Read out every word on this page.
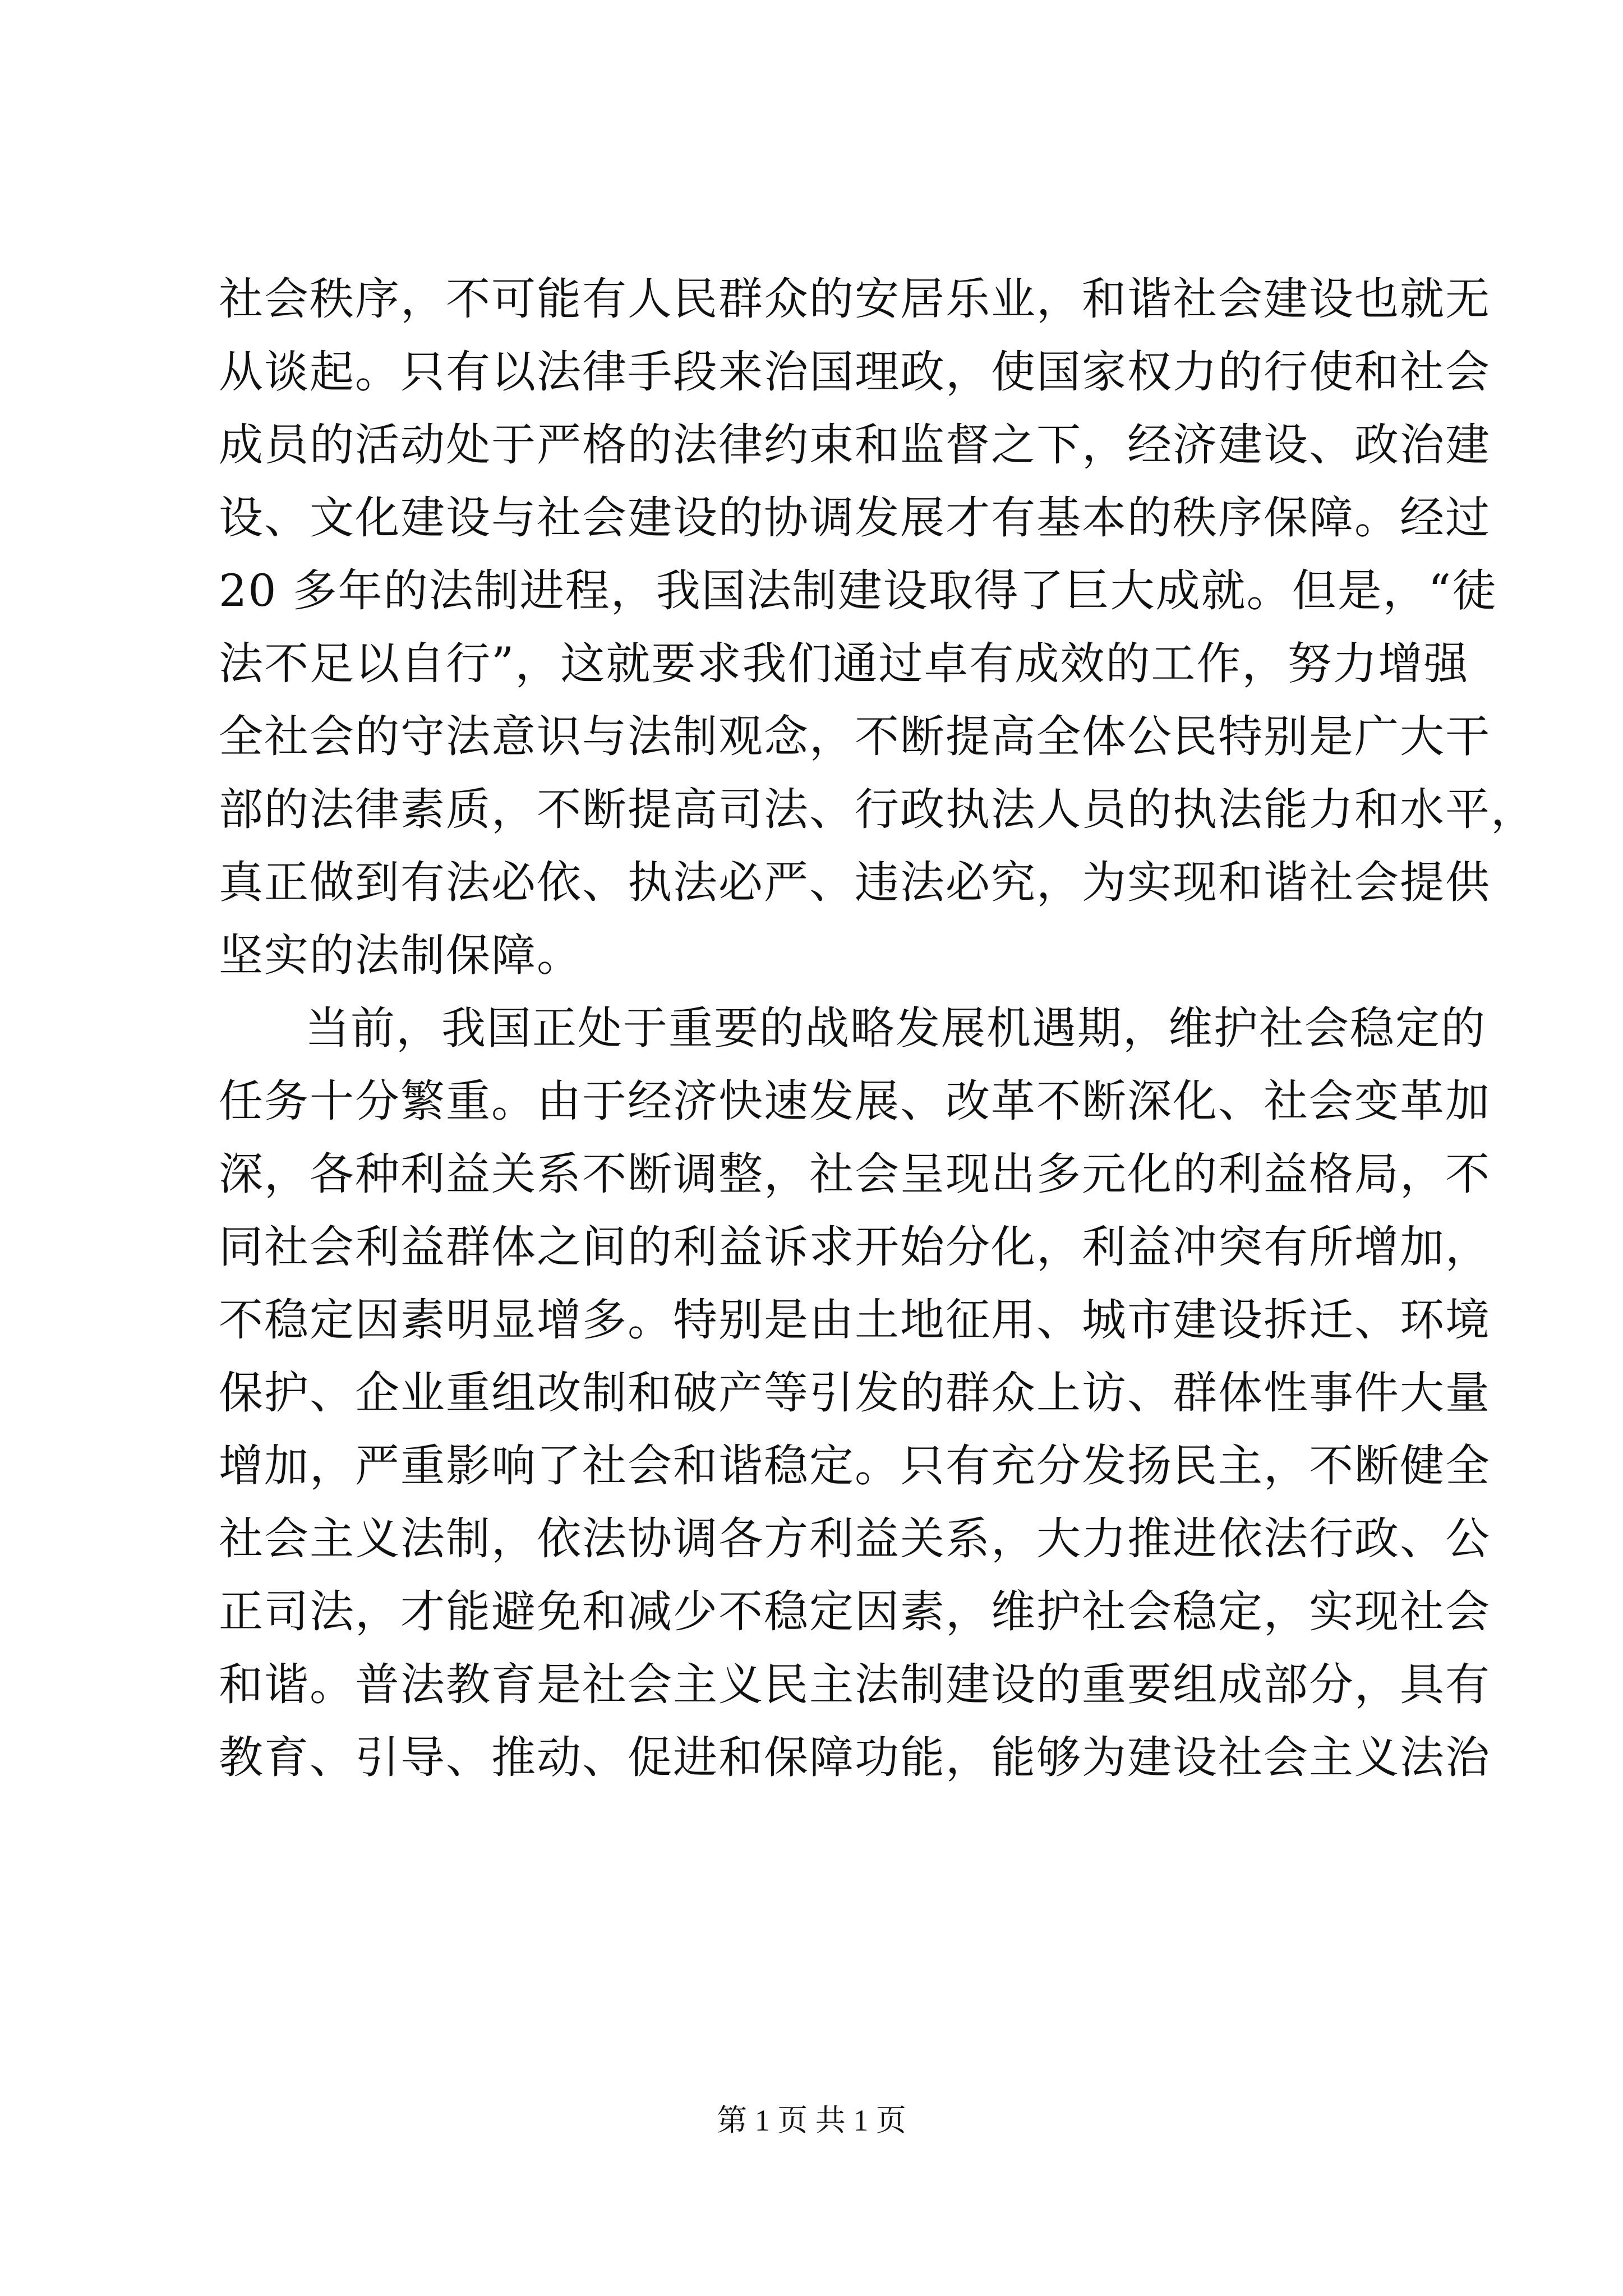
社会秩序，不可能有人民群众的安居乐业，和谐社会建设也就无
从谈起。只有以法律手段来治国理政，使国家权力的行使和社会
成员的活动处于严格的法律约束和监督之下，经济建设、政治建
设、文化建设与社会建设的协调发展才有基本的秩序保障。经过
20 多年的法制进程，我国法制建设取得了巨大成就。但是，“徒
法不足以自行”，这就要求我们通过卓有成效的工作，努力增强
全社会的守法意识与法制观念，不断提高全体公民特别是广大干
部的法律素质，不断提高司法、行政执法人员的执法能力和水平，
真正做到有法必依、执法必严、违法必究，为实现和谐社会提供
坚实的法制保障。
当前，我国正处于重要的战略发展机遇期，维护社会稳定的
任务十分繁重。由于经济快速发展、改革不断深化、社会变革加
深，各种利益关系不断调整，社会呈现出多元化的利益格局，不
同社会利益群体之间的利益诉求开始分化，利益冲突有所增加，
不稳定因素明显增多。特别是由土地征用、城市建设拆迁、环境
保护、企业重组改制和破产等引发的群众上访、群体性事件大量
增加，严重影响了社会和谐稳定。只有充分发扬民主，不断健全
社会主义法制，依法协调各方利益关系，大力推进依法行政、公
正司法，才能避免和减少不稳定因素，维护社会稳定，实现社会
和谐。普法教育是社会主义民主法制建设的重要组成部分，具有
教育、引导、推动、促进和保障功能，能够为建设社会主义法治
第 1 页 共 1 页
